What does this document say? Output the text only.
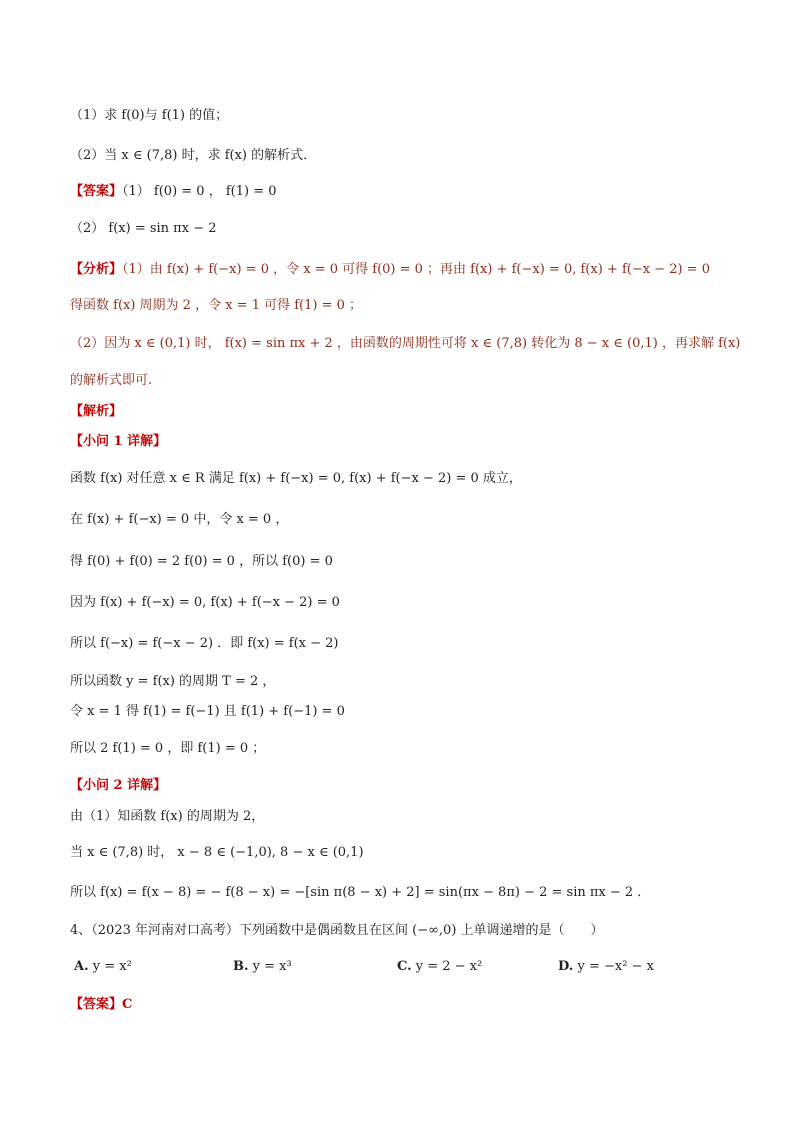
（1）求 f(0)与 f(1) 的值；
（2）当 x ∈ (7,8) 时，求 f(x) 的解析式．
【答案】（1） f(0) = 0 ， f(1) = 0
（2） f(x) = sin πx − 2
【分析】（1）由 f(x) + f(−x) = 0 ，令 x = 0 可得 f(0) = 0 ；再由 f(x) + f(−x) = 0, f(x) + f(−x − 2) = 0
得函数 f(x) 周期为 2 ，令 x = 1 可得 f(1) = 0 ；
（2）因为 x ∈ (0,1) 时， f(x) = sin πx + 2 ，由函数的周期性可将 x ∈ (7,8) 转化为 8 − x ∈ (0,1) ，再求解 f(x)
的解析式即可.
【解析】
【小问 1 详解】
函数 f(x) 对任意 x ∈ R 满足 f(x) + f(−x) = 0, f(x) + f(−x − 2) = 0 成立，
在 f(x) + f(−x) = 0 中，令 x = 0 ，
得 f(0) + f(0) = 2 f(0) = 0 ，所以 f(0) = 0
因为 f(x) + f(−x) = 0, f(x) + f(−x − 2) = 0
所以 f(−x) = f(−x − 2) ．即 f(x) = f(x − 2)
所以函数 y = f(x) 的周期 T = 2 ，
令 x = 1 得 f(1) = f(−1) 且 f(1) + f(−1) = 0
所以 2 f(1) = 0 ，即 f(1) = 0 ；
【小问 2 详解】
由（1）知函数 f(x) 的周期为 2，
当 x ∈ (7,8) 时， x − 8 ∈ (−1,0), 8 − x ∈ (0,1)
所以 f(x) = f(x − 8) = − f(8 − x) = −[sin π(8 − x) + 2] = sin(πx − 8π) − 2 = sin πx − 2 ．
4、（2023 年河南对口高考）下列函数中是偶函数且在区间 (−∞,0) 上单调递增的是（　　）
A. y = x²	B. y = x³	C. y = 2 − x²	D. y = −x² − x
【答案】C
